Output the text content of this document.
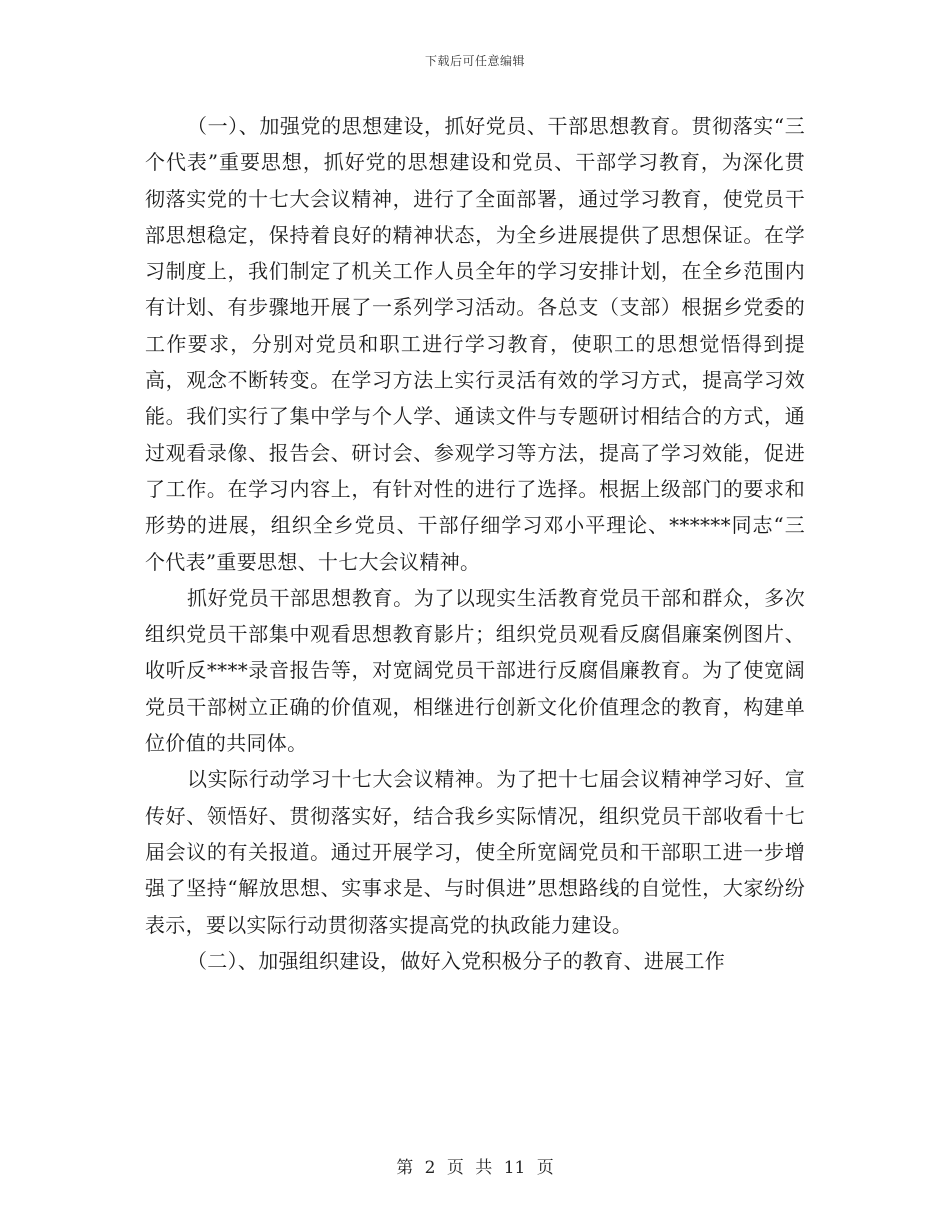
下载后可任意编辑

（一）、加强党的思想建设，抓好党员、干部思想教育。贯彻落实“三个代表”重要思想，抓好党的思想建设和党员、干部学习教育，为深化贯彻落实党的十七大会议精神，进行了全面部署，通过学习教育，使党员干部思想稳定，保持着良好的精神状态，为全乡进展提供了思想保证。在学习制度上，我们制定了机关工作人员全年的学习安排计划，在全乡范围内有计划、有步骤地开展了一系列学习活动。各总支（支部）根据乡党委的工作要求，分别对党员和职工进行学习教育，使职工的思想觉悟得到提高，观念不断转变。在学习方法上实行灵活有效的学习方式，提高学习效能。我们实行了集中学与个人学、通读文件与专题研讨相结合的方式，通过观看录像、报告会、研讨会、参观学习等方法，提高了学习效能，促进了工作。在学习内容上，有针对性的进行了选择。根据上级部门的要求和形势的进展，组织全乡党员、干部仔细学习邓小平理论、******同志“三个代表”重要思想、十七大会议精神。

抓好党员干部思想教育。为了以现实生活教育党员干部和群众，多次组织党员干部集中观看思想教育影片；组织党员观看反腐倡廉案例图片、收听反****录音报告等，对宽阔党员干部进行反腐倡廉教育。为了使宽阔党员干部树立正确的价值观，相继进行创新文化价值理念的教育，构建单位价值的共同体。

以实际行动学习十七大会议精神。为了把十七届会议精神学习好、宣传好、领悟好、贯彻落实好，结合我乡实际情况，组织党员干部收看十七届会议的有关报道。通过开展学习，使全所宽阔党员和干部职工进一步增强了坚持“解放思想、实事求是、与时俱进”思想路线的自觉性，大家纷纷表示，要以实际行动贯彻落实提高党的执政能力建设。

（二）、加强组织建设，做好入党积极分子的教育、进展工作

第 2 页 共 11 页
